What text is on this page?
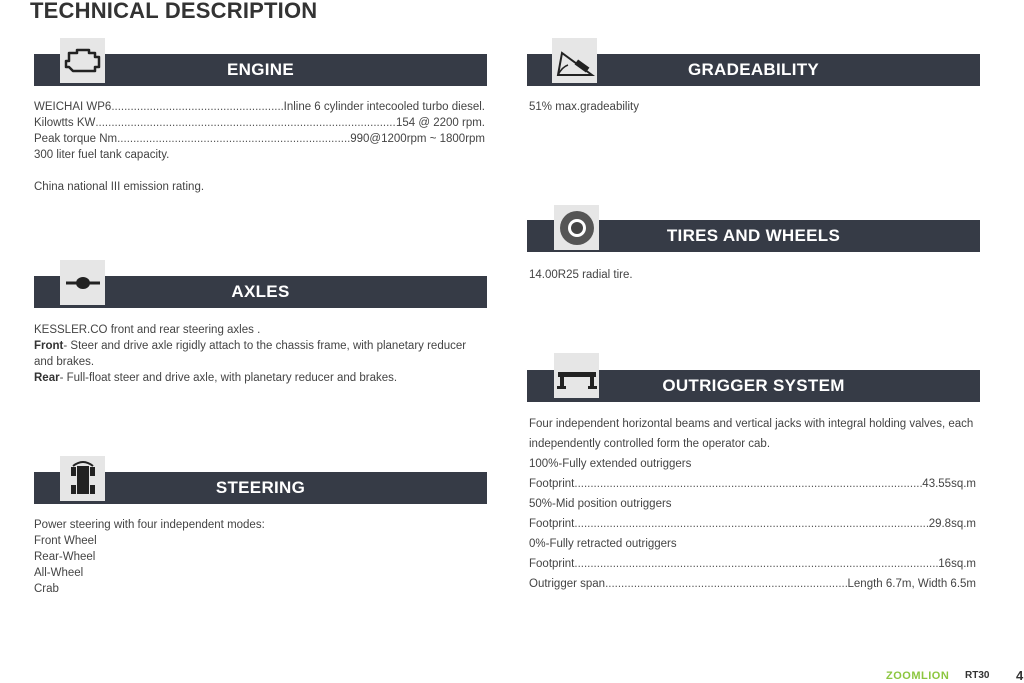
TECHNICAL DESCRIPTION
ENGINE
WEICHAI WP6 .....	Inline 6 cylinder intecooled turbo diesel.
Kilowtts KW .....	154 @ 2200 rpm.
Peak torque Nm .....	990@1200rpm ~ 1800rpm

300 liter fuel tank capacity.

China national III emission rating.

AXLES

KESSLER.CO front and rear steering axles .

Front- Steer and drive axle rigidly attach to the chassis frame, with planetary reducer and brakes.

Rear- Full-float steer and drive axle, with planetary reducer and brakes.

STEERING

Power steering with four independent modes:

Front Wheel

Rear-Wheel

All-Wheel

Crab

GRADEABILITY

51% max.gradeability

TIRES AND WHEELS

14.00R25 radial tire.

OUTRIGGER SYSTEM

Four independent horizontal beams and vertical jacks with integral holding valves, each independently controlled form the operator cab.

100%-Fully extended outriggers

Footprint .....	43.55sq.m

50%-Mid position outriggers

Footprint .....	29.8sq.m

0%-Fully retracted outriggers

Footprint .....	16sq.m
Outrigger span .....	Length 6.7m, Width 6.5m
ZOOMLION RT30 4
